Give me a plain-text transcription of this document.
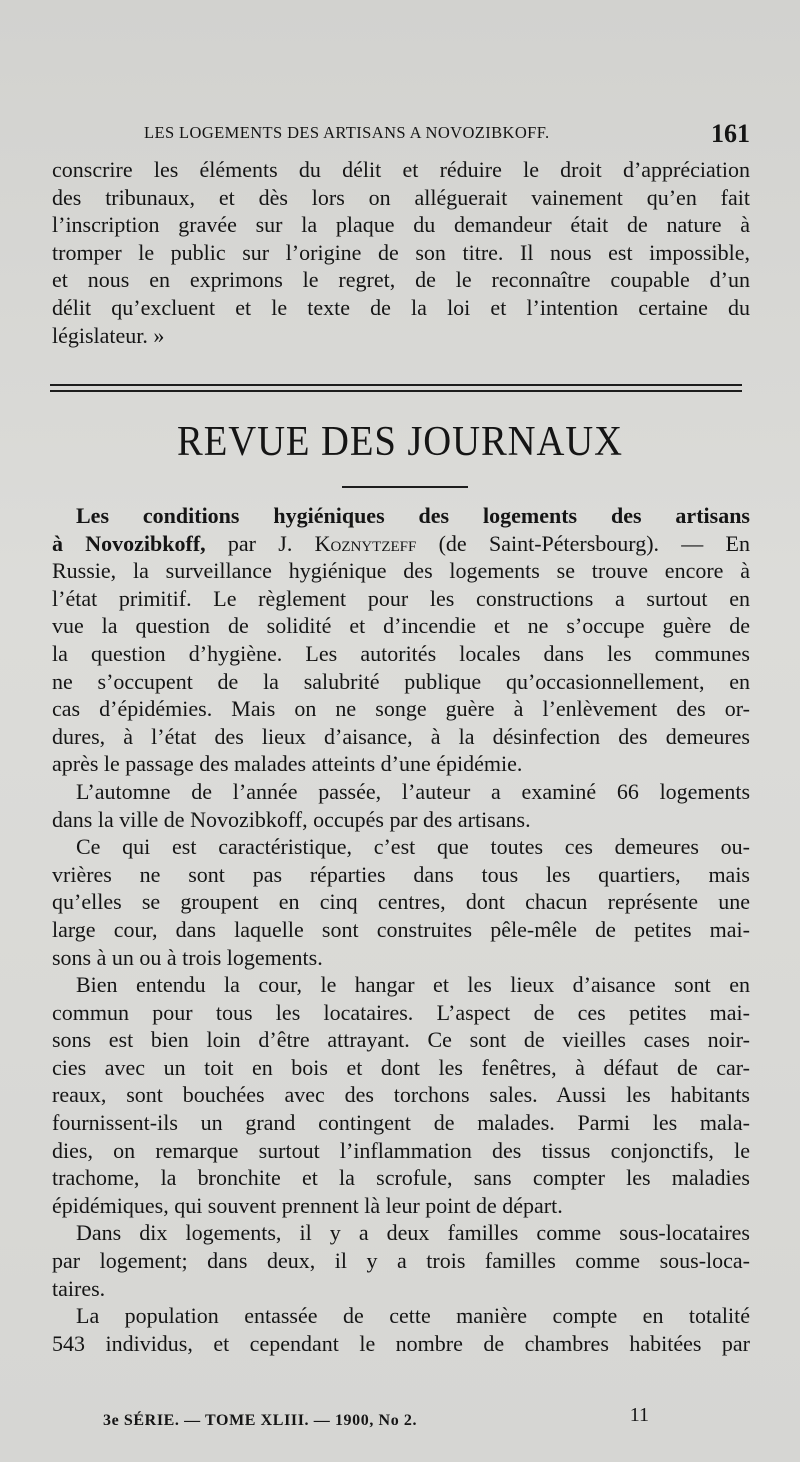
LES LOGEMENTS DES ARTISANS A NOVOZIBKOFF.	161
conscrire les éléments du délit et réduire le droit d’appréciation
des tribunaux, et dès lors on alléguerait vainement qu’en fait
l’inscription gravée sur la plaque du demandeur était de nature à
tromper le public sur l’origine de son titre. Il nous est impossible,
et nous en exprimons le regret, de le reconnaître coupable d’un
délit qu’excluent et le texte de la loi et l’intention certaine du
législateur. »
REVUE DES JOURNAUX
Les conditions hygiéniques des logements des artisans
à Novozibkoff, par J. Koznytzeff (de Saint-Pétersbourg). — En
Russie, la surveillance hygiénique des logements se trouve encore à
l’état primitif. Le règlement pour les constructions a surtout en
vue la question de solidité et d’incendie et ne s’occupe guère de
la question d’hygiène. Les autorités locales dans les communes
ne s’occupent de la salubrité publique qu’occasionnellement, en
cas d’épidémies. Mais on ne songe guère à l’enlèvement des or-
dures, à l’état des lieux d’aisance, à la désinfection des demeures
après le passage des malades atteints d’une épidémie.
L’automne de l’année passée, l’auteur a examiné 66 logements
dans la ville de Novozibkoff, occupés par des artisans.
Ce qui est caractéristique, c’est que toutes ces demeures ou-
vrières ne sont pas réparties dans tous les quartiers, mais
qu’elles se groupent en cinq centres, dont chacun représente une
large cour, dans laquelle sont construites pêle-mêle de petites mai-
sons à un ou à trois logements.
Bien entendu la cour, le hangar et les lieux d’aisance sont en
commun pour tous les locataires. L’aspect de ces petites mai-
sons est bien loin d’être attrayant. Ce sont de vieilles cases noir-
cies avec un toit en bois et dont les fenêtres, à défaut de car-
reaux, sont bouchées avec des torchons sales. Aussi les habitants
fournissent-ils un grand contingent de malades. Parmi les mala-
dies, on remarque surtout l’inflammation des tissus conjonctifs, le
trachome, la bronchite et la scrofule, sans compter les maladies
épidémiques, qui souvent prennent là leur point de départ.
Dans dix logements, il y a deux familles comme sous-locataires
par logement; dans deux, il y a trois familles comme sous-loca-
taires.
La population entassée de cette manière compte en totalité
543 individus, et cependant le nombre de chambres habitées par
3e SÉRIE. — TOME XLIII. — 1900, No 2.	11
